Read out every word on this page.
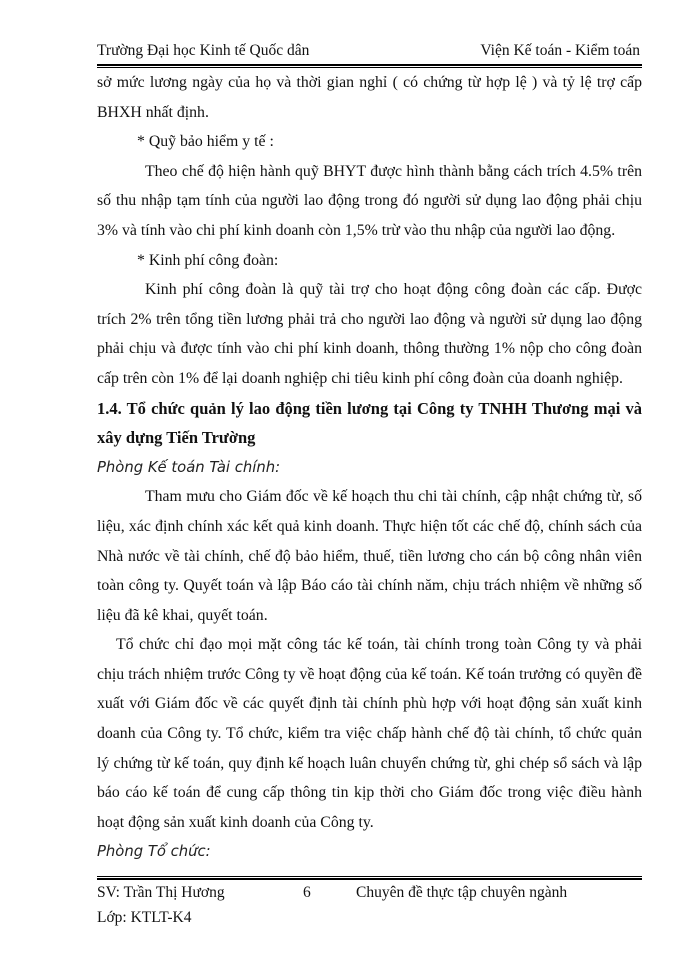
Trường Đại học Kinh tế Quốc dân	Viện Kế toán - Kiểm toán

sở mức lương ngày của họ và thời gian nghỉ ( có chứng từ hợp lệ ) và tỷ lệ trợ cấp BHXH nhất định.

* Quỹ bảo hiểm y tế :

Theo chế độ hiện hành quỹ BHYT được hình thành bằng cách trích 4.5% trên số thu nhập tạm tính của người lao động trong đó người sử dụng lao động phải chịu 3% và tính vào chi phí kinh doanh còn 1,5% trừ vào thu nhập của người lao động.

* Kinh phí công đoàn:

Kinh phí công đoàn là quỹ tài trợ cho hoạt động công đoàn các cấp. Được trích 2% trên tổng tiền lương phải trả cho người lao động và người sử dụng lao động phải chịu và được tính vào chi phí kinh doanh, thông thường 1% nộp cho công đoàn cấp trên còn 1% để lại doanh nghiệp chi tiêu kinh phí công đoàn của doanh nghiệp.

1.4. Tổ chức quản lý lao động tiền lương tại Công ty TNHH Thương mại và xây dựng Tiến Trường

Phòng Kế toán Tài chính:

Tham mưu cho Giám đốc về kế hoạch thu chi tài chính, cập nhật chứng từ, số liệu, xác định chính xác kết quả kinh doanh. Thực hiện tốt các chế độ, chính sách của Nhà nước về tài chính, chế độ bảo hiểm, thuế, tiền lương cho cán bộ công nhân viên toàn công ty. Quyết toán và lập Báo cáo tài chính năm, chịu trách nhiệm về những số liệu đã kê khai, quyết toán.

Tổ chức chỉ đạo mọi mặt công tác kế toán, tài chính trong toàn Công ty và phải chịu trách nhiệm trước Công ty về hoạt động của kế toán. Kế toán trưởng có quyền đề xuất với Giám đốc về các quyết định tài chính phù hợp với hoạt động sản xuất kinh doanh của Công ty. Tổ chức, kiểm tra việc chấp hành chế độ tài chính, tổ chức quản lý chứng từ kế toán, quy định kế hoạch luân chuyển chứng từ, ghi chép sổ sách và lập báo cáo kế toán để cung cấp thông tin kịp thời cho Giám đốc trong việc điều hành hoạt động sản xuất kinh doanh của Công ty.

Phòng Tổ chức:

SV: Trần Thị Hương
Lớp: KTLT-K4
6	Chuyên đề thực tập chuyên ngành
